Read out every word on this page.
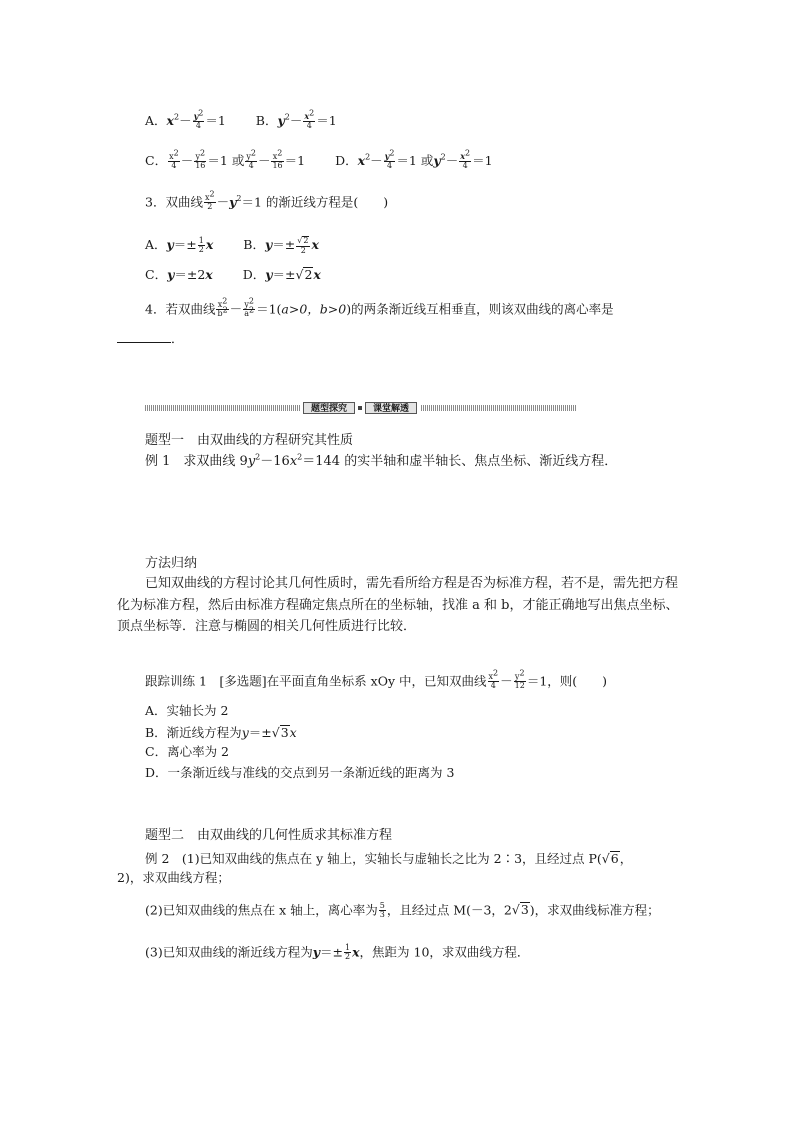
A．$x^2- \frac{y^2}{4} =1$ B．$y^2- \frac{x^2}{4} =1$
C． $\frac{x^2}{4} - \frac{y^2}{16} =1$ 或 $\frac{y^2}{4} - \frac{x^2}{16} =1$ D．$x^2- \frac{y^2}{4} =1$ 或$y^2- \frac{x^2}{4} =1$
3．双曲线 $\frac{x^2}{2} -y^2=1$ 的渐近线方程是(　　)
A．$y=\pm \frac{1}{2}$ x B．$y=\pm \frac{√2}{2}$ x
C．y＝±2x D．y＝±√2x
4．若双曲线 $\frac{x^2}{b^2} - \frac{y^2}{a^2} =1(a>0$，b>0)的两条渐近线互相垂直，则该双曲线的离心率是
．
题型探究	课堂解透
题型一　由双曲线的方程研究其性质
例 1　求双曲线 $9y^2-16x^2=144$ 的实半轴和虚半轴长、焦点坐标、渐近线方程．
方法归纳
已知双曲线的方程讨论其几何性质时，需先看所给方程是否为标准方程，若不是，需先把方程化为标准方程，然后由标准方程确定焦点所在的坐标轴，找准 a 和 b，才能正确地写出焦点坐标、顶点坐标等．注意与椭圆的相关几何性质进行比较．
跟踪训练 1　[多选题]在平面直角坐标系 xOy 中，已知双曲线 $\frac{x^2}{4} - \frac{y^2}{12} =1$，则(　　)
A．实轴长为 2
B．渐近线方程为y＝±√3x
C．离心率为 2
D．一条渐近线与准线的交点到另一条渐近线的距离为 3
题型二　由双曲线的几何性质求其标准方程
例 2　(1)已知双曲线的焦点在 y 轴上，实轴长与虚轴长之比为 2∶3，且经过点 P(√6，
2)，求双曲线方程；
(2)已知双曲线的焦点在 x 轴上，离心率为 $\frac{5}{3}$ ，且经过点 M(－3，2√3)，求双曲线标准方程；
(3)已知双曲线的渐近线方程为$y=\pm \frac{1}{2}$ x，焦距为 10，求双曲线方程．
